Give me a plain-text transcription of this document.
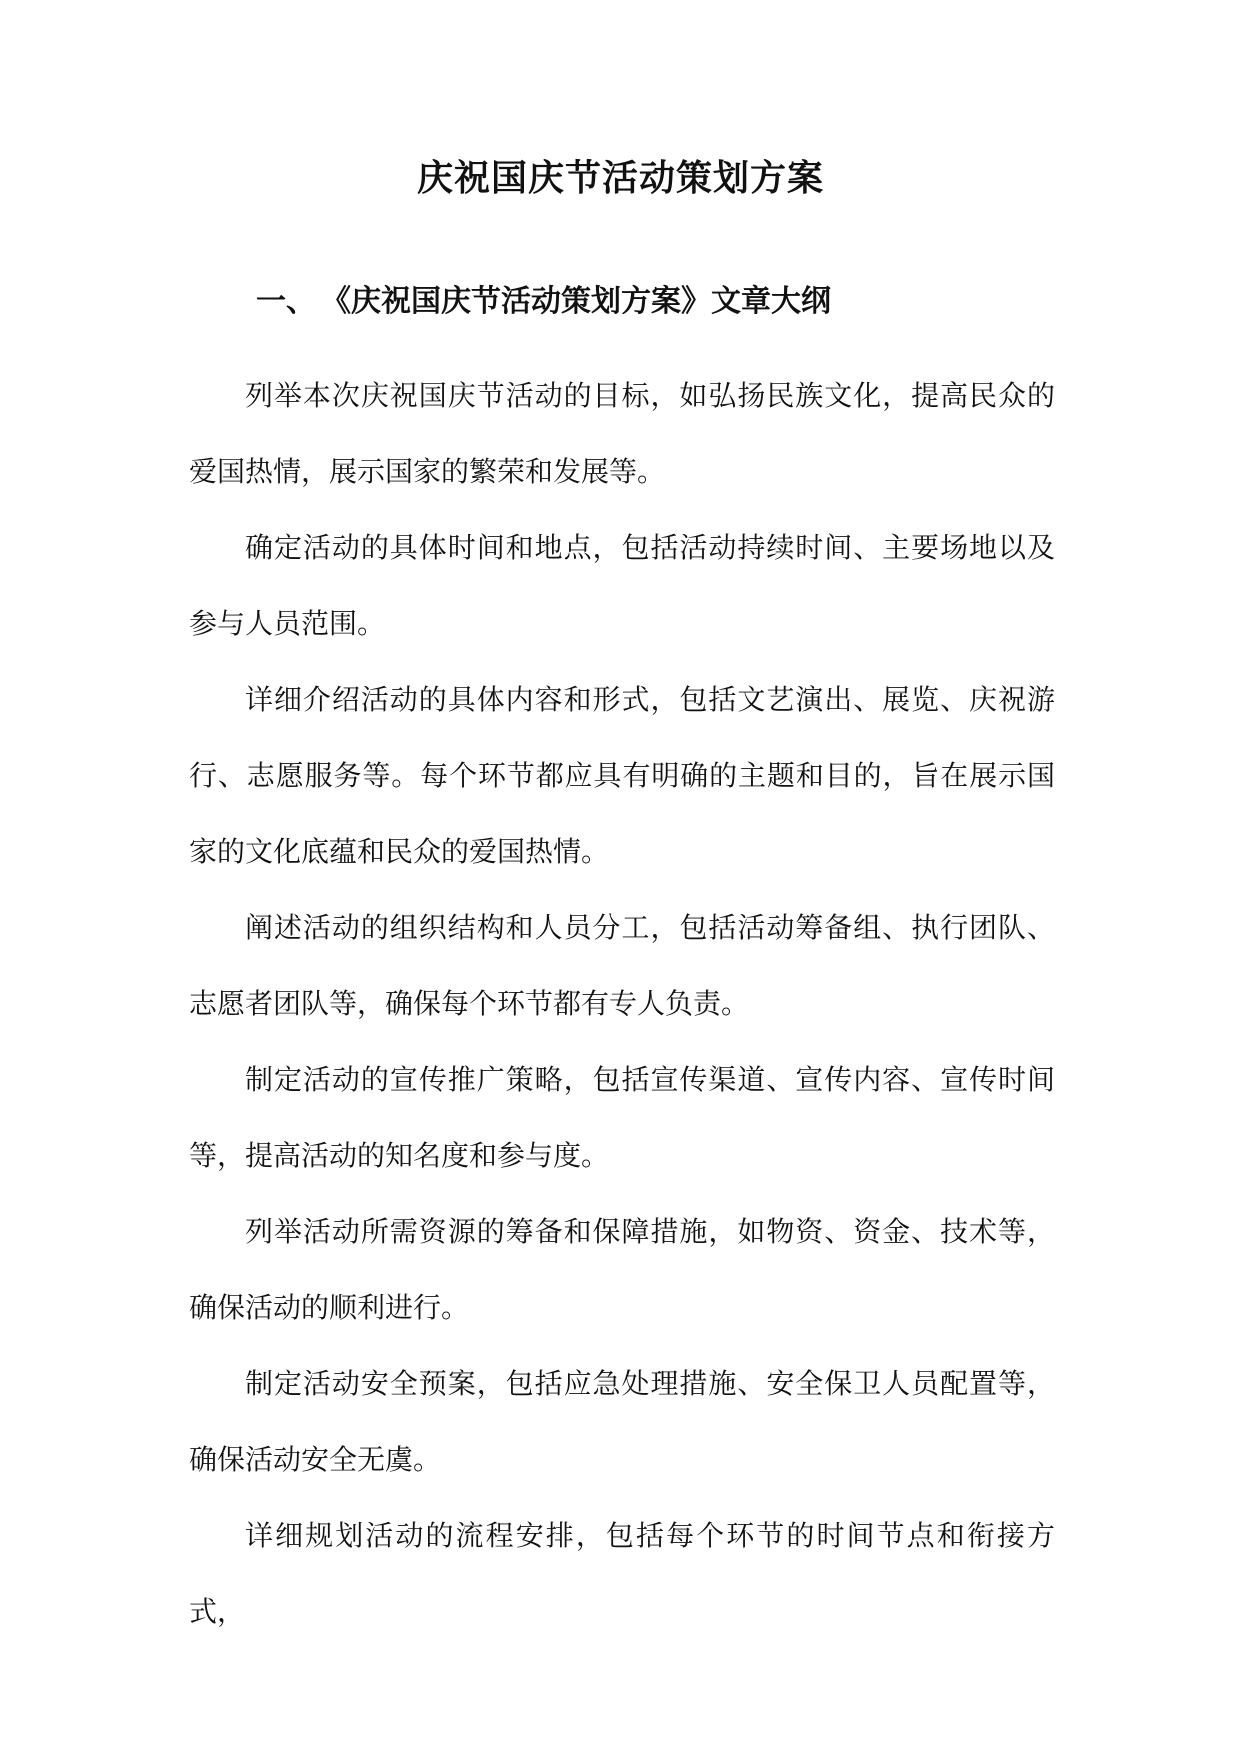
庆祝国庆节活动策划方案
一、 《庆祝国庆节活动策划方案》文章大纲

列举本次庆祝国庆节活动的目标，如弘扬民族文化，提高民众的爱国热情，展示国家的繁荣和发展等。

确定活动的具体时间和地点，包括活动持续时间、主要场地以及参与人员范围。

详细介绍活动的具体内容和形式，包括文艺演出、展览、庆祝游行、志愿服务等。每个环节都应具有明确的主题和目的，旨在展示国家的文化底蕴和民众的爱国热情。

阐述活动的组织结构和人员分工，包括活动筹备组、执行团队、志愿者团队等，确保每个环节都有专人负责。

制定活动的宣传推广策略，包括宣传渠道、宣传内容、宣传时间等，提高活动的知名度和参与度。

列举活动所需资源的筹备和保障措施，如物资、资金、技术等，确保活动的顺利进行。

制定活动安全预案，包括应急处理措施、安全保卫人员配置等，确保活动安全无虞。

详细规划活动的流程安排，包括每个环节的时间节点和衔接方式，
